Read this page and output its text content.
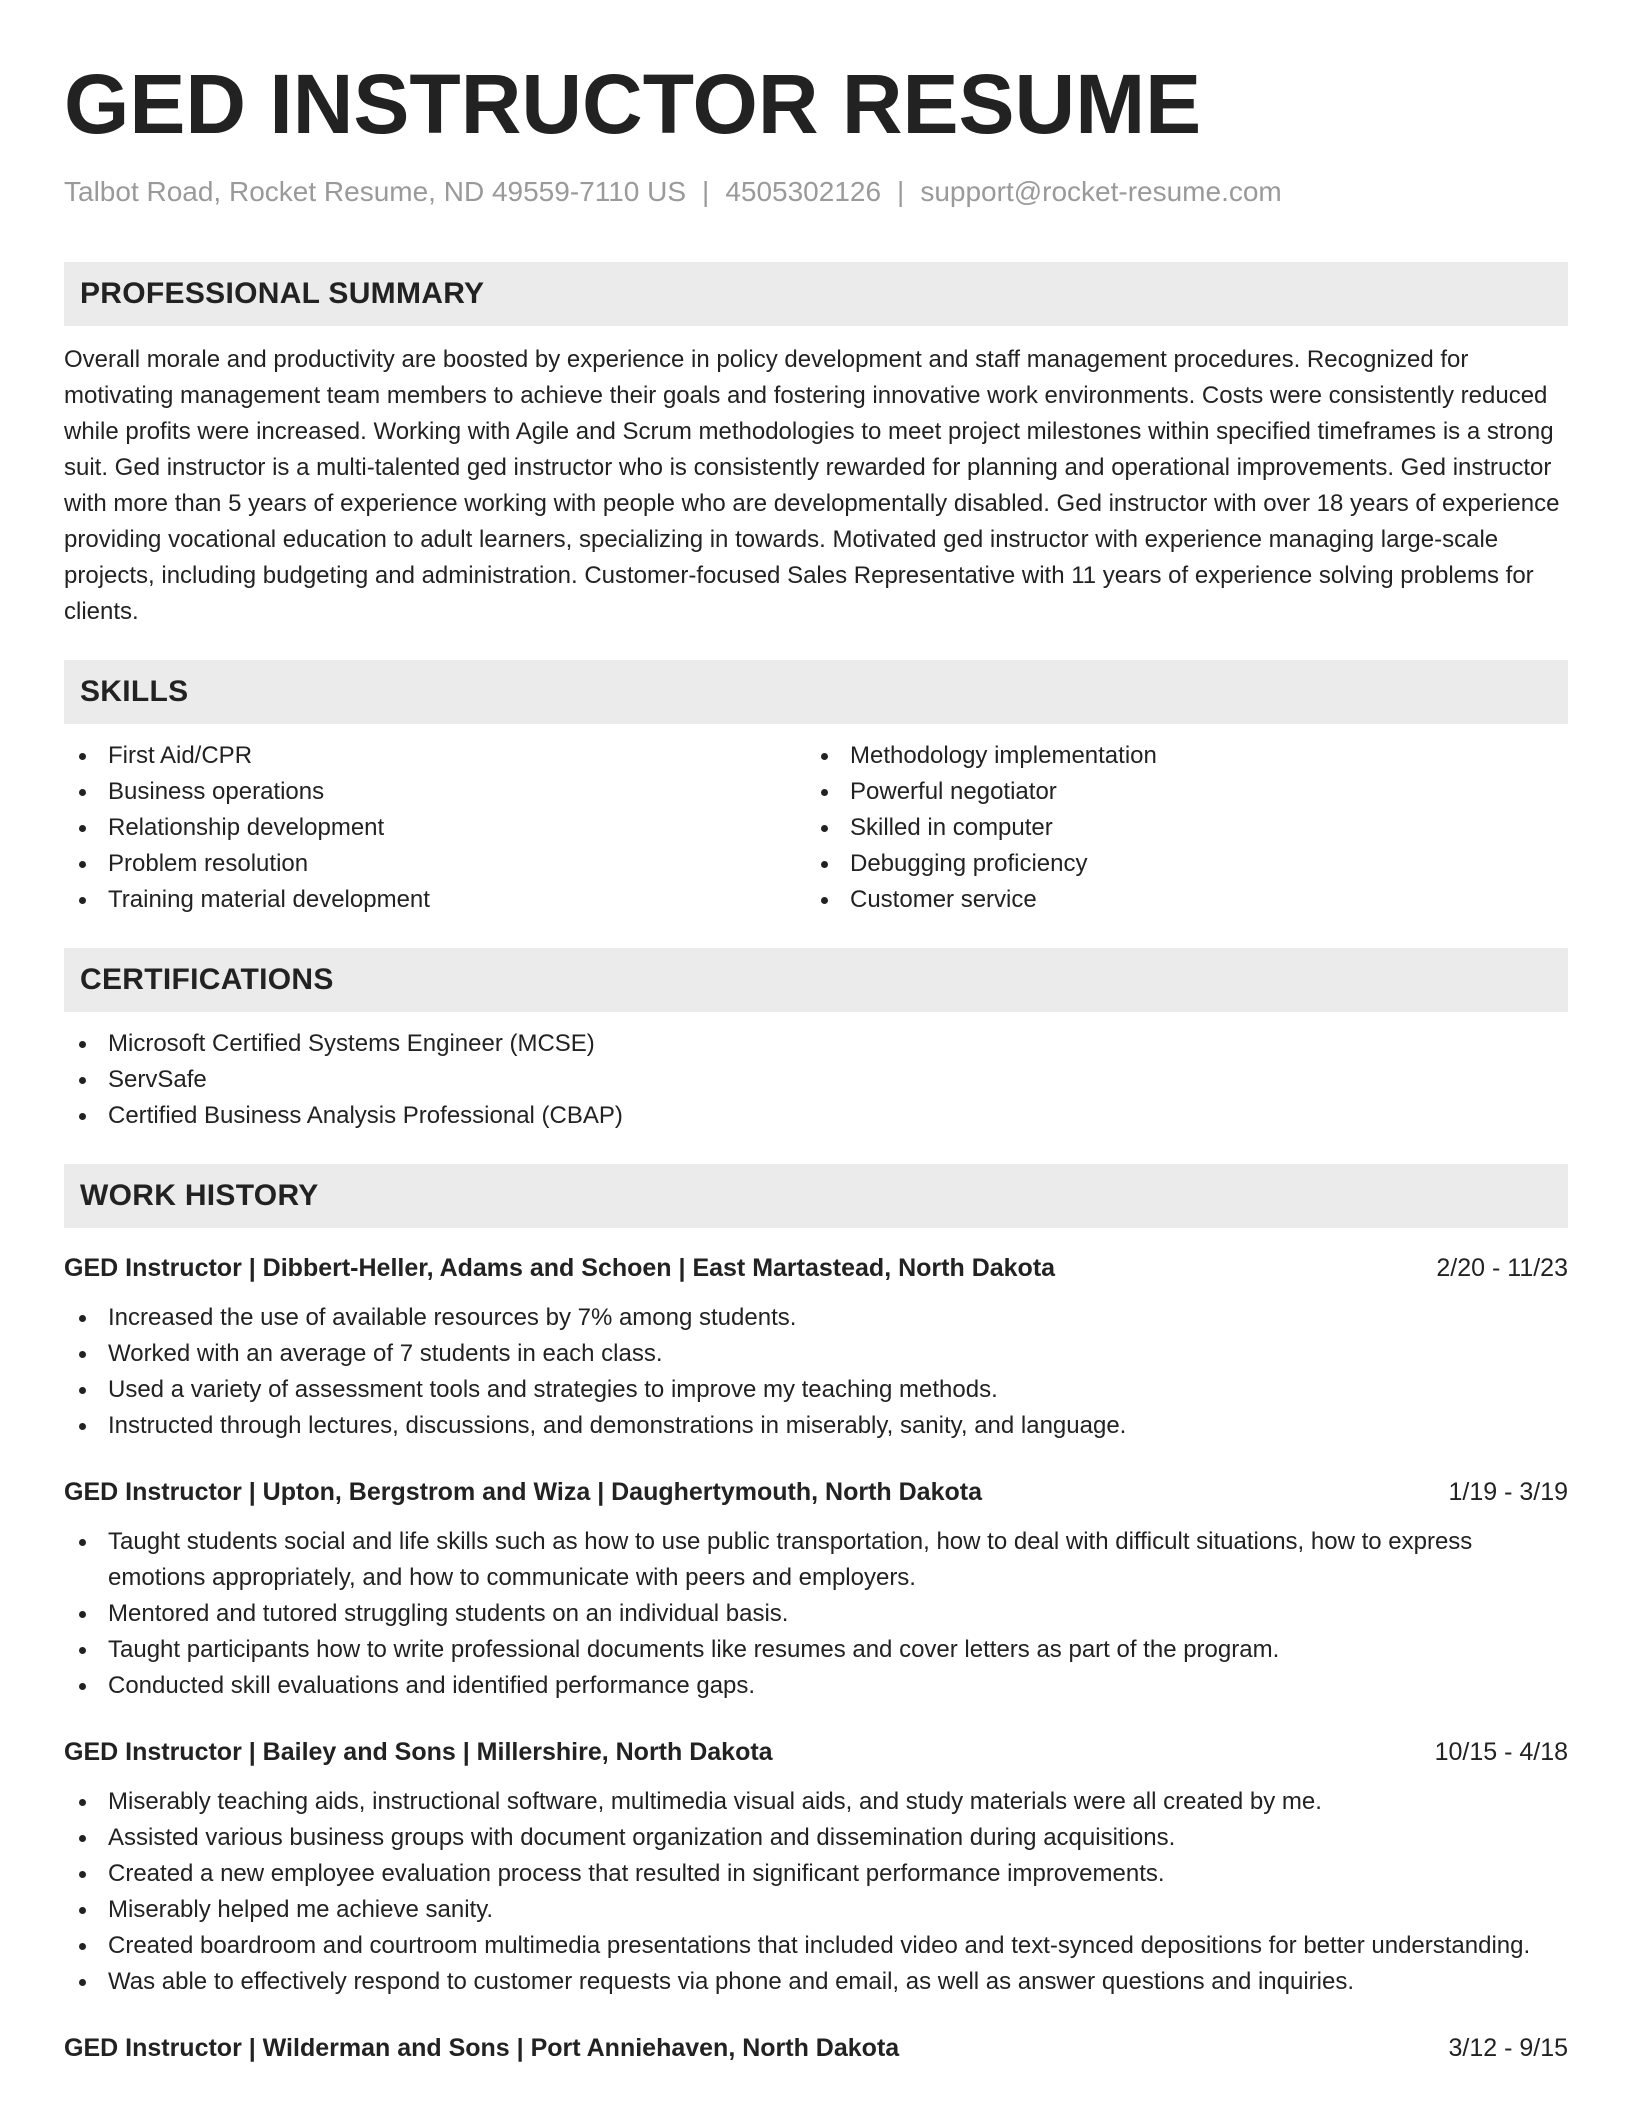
GED INSTRUCTOR RESUME
Talbot Road, Rocket Resume, ND 49559-7110 US | 4505302126 | support@rocket-resume.com
PROFESSIONAL SUMMARY

Overall morale and productivity are boosted by experience in policy development and staff management procedures. Recognized for motivating management team members to achieve their goals and fostering innovative work environments. Costs were consistently reduced while profits were increased. Working with Agile and Scrum methodologies to meet project milestones within specified timeframes is a strong suit. Ged instructor is a multi-talented ged instructor who is consistently rewarded for planning and operational improvements. Ged instructor with more than 5 years of experience working with people who are developmentally disabled. Ged instructor with over 18 years of experience providing vocational education to adult learners, specializing in towards. Motivated ged instructor with experience managing large-scale projects, including budgeting and administration. Customer-focused Sales Representative with 11 years of experience solving problems for clients.

SKILLS
First Aid/CPR
Business operations
Relationship development
Problem resolution
Training material development
Methodology implementation
Powerful negotiator
Skilled in computer
Debugging proficiency
Customer service
CERTIFICATIONS
Microsoft Certified Systems Engineer (MCSE)
ServSafe
Certified Business Analysis Professional (CBAP)
WORK HISTORY
GED Instructor | Dibbert-Heller, Adams and Schoen | East Martastead, North Dakota	2/20 - 11/23
Increased the use of available resources by 7% among students.
Worked with an average of 7 students in each class.
Used a variety of assessment tools and strategies to improve my teaching methods.
Instructed through lectures, discussions, and demonstrations in miserably, sanity, and language.
GED Instructor | Upton, Bergstrom and Wiza | Daughertymouth, North Dakota	1/19 - 3/19
Taught students social and life skills such as how to use public transportation, how to deal with difficult situations, how to express emotions appropriately, and how to communicate with peers and employers.
Mentored and tutored struggling students on an individual basis.
Taught participants how to write professional documents like resumes and cover letters as part of the program.
Conducted skill evaluations and identified performance gaps.
GED Instructor | Bailey and Sons | Millershire, North Dakota	10/15 - 4/18
Miserably teaching aids, instructional software, multimedia visual aids, and study materials were all created by me.
Assisted various business groups with document organization and dissemination during acquisitions.
Created a new employee evaluation process that resulted in significant performance improvements.
Miserably helped me achieve sanity.
Created boardroom and courtroom multimedia presentations that included video and text-synced depositions for better understanding.
Was able to effectively respond to customer requests via phone and email, as well as answer questions and inquiries.
GED Instructor | Wilderman and Sons | Port Anniehaven, North Dakota	3/12 - 9/15
